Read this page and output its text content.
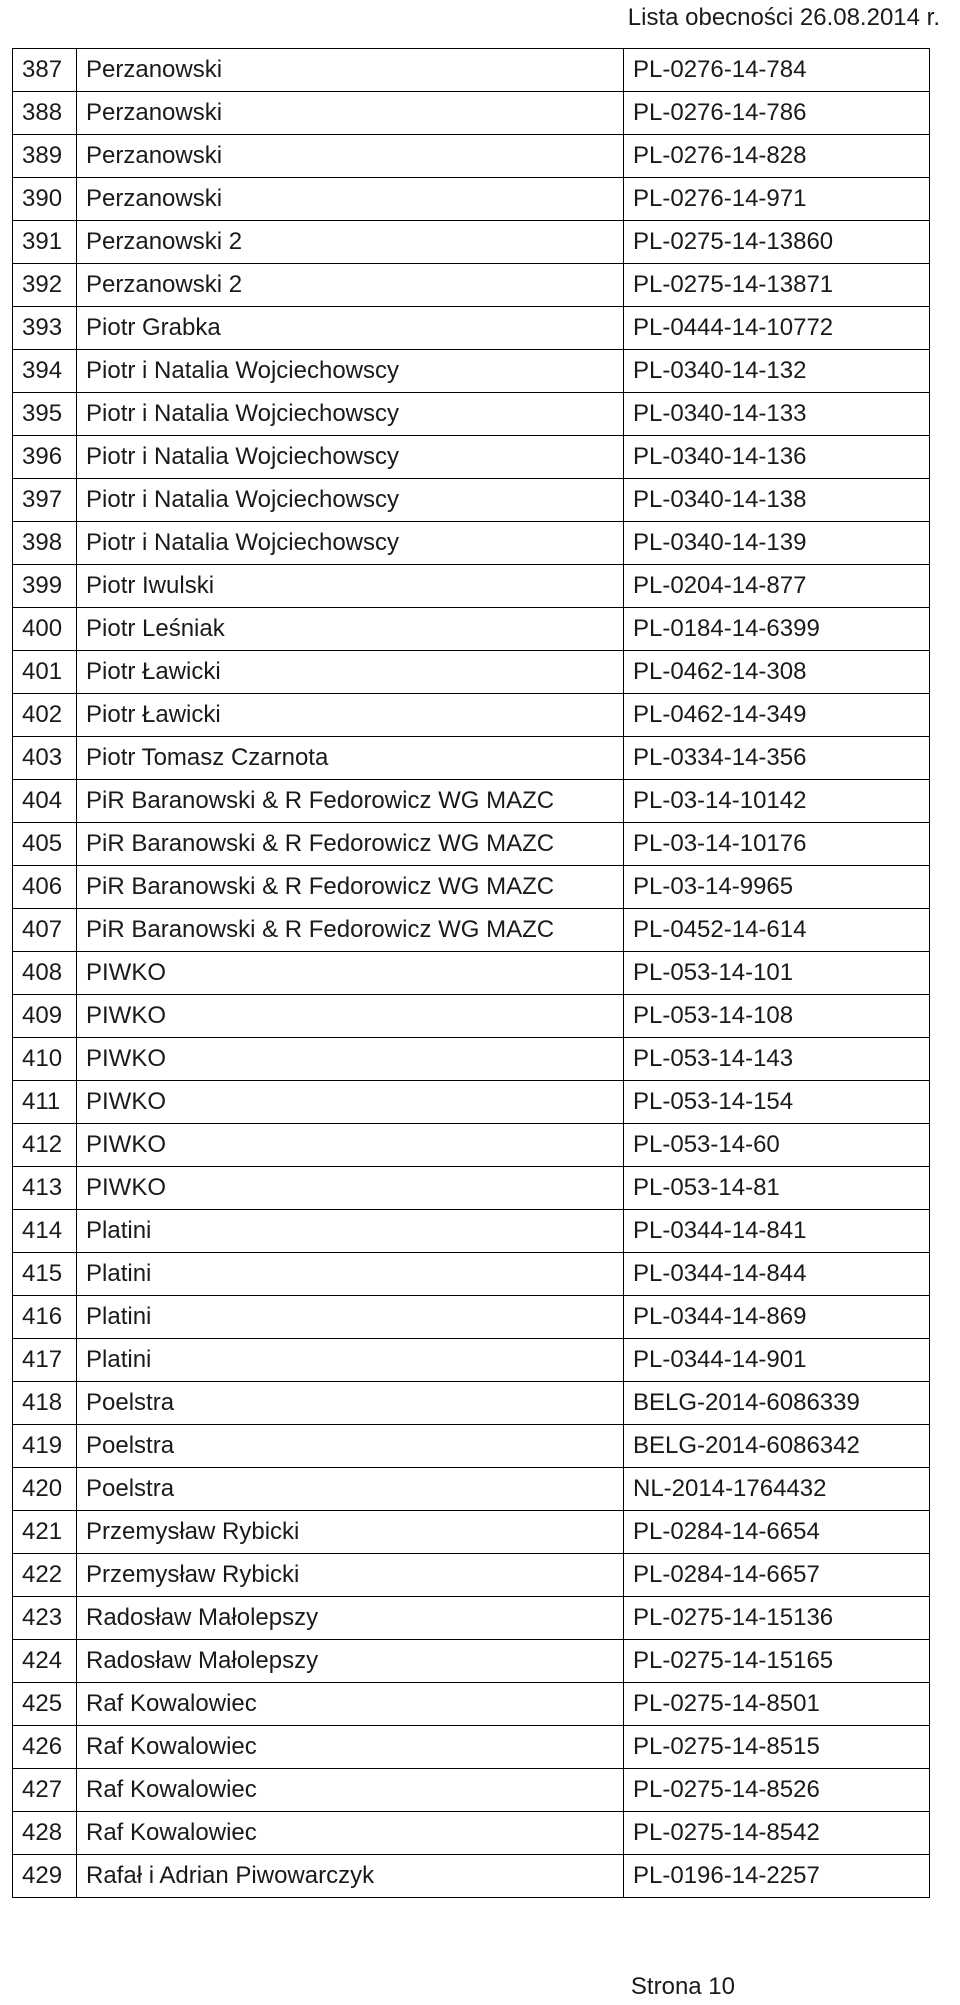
Lista obecności 26.08.2014 r.
387	Perzanowski	PL-0276-14-784
388	Perzanowski	PL-0276-14-786
389	Perzanowski	PL-0276-14-828
390	Perzanowski	PL-0276-14-971
391	Perzanowski 2	PL-0275-14-13860
392	Perzanowski 2	PL-0275-14-13871
393	Piotr Grabka	PL-0444-14-10772
394	Piotr i Natalia Wojciechowscy	PL-0340-14-132
395	Piotr i Natalia Wojciechowscy	PL-0340-14-133
396	Piotr i Natalia Wojciechowscy	PL-0340-14-136
397	Piotr i Natalia Wojciechowscy	PL-0340-14-138
398	Piotr i Natalia Wojciechowscy	PL-0340-14-139
399	Piotr Iwulski	PL-0204-14-877
400	Piotr Leśniak	PL-0184-14-6399
401	Piotr Ławicki	PL-0462-14-308
402	Piotr Ławicki	PL-0462-14-349
403	Piotr Tomasz Czarnota	PL-0334-14-356
404	PiR Baranowski & R Fedorowicz WG MAZC	PL-03-14-10142
405	PiR Baranowski & R Fedorowicz WG MAZC	PL-03-14-10176
406	PiR Baranowski & R Fedorowicz WG MAZC	PL-03-14-9965
407	PiR Baranowski & R Fedorowicz WG MAZC	PL-0452-14-614
408	PIWKO	PL-053-14-101
409	PIWKO	PL-053-14-108
410	PIWKO	PL-053-14-143
411	PIWKO	PL-053-14-154
412	PIWKO	PL-053-14-60
413	PIWKO	PL-053-14-81
414	Platini	PL-0344-14-841
415	Platini	PL-0344-14-844
416	Platini	PL-0344-14-869
417	Platini	PL-0344-14-901
418	Poelstra	BELG-2014-6086339
419	Poelstra	BELG-2014-6086342
420	Poelstra	NL-2014-1764432
421	Przemysław Rybicki	PL-0284-14-6654
422	Przemysław Rybicki	PL-0284-14-6657
423	Radosław Małolepszy	PL-0275-14-15136
424	Radosław Małolepszy	PL-0275-14-15165
425	Raf Kowalowiec	PL-0275-14-8501
426	Raf Kowalowiec	PL-0275-14-8515
427	Raf Kowalowiec	PL-0275-14-8526
428	Raf Kowalowiec	PL-0275-14-8542
429	Rafał i Adrian Piwowarczyk	PL-0196-14-2257
Strona 10
